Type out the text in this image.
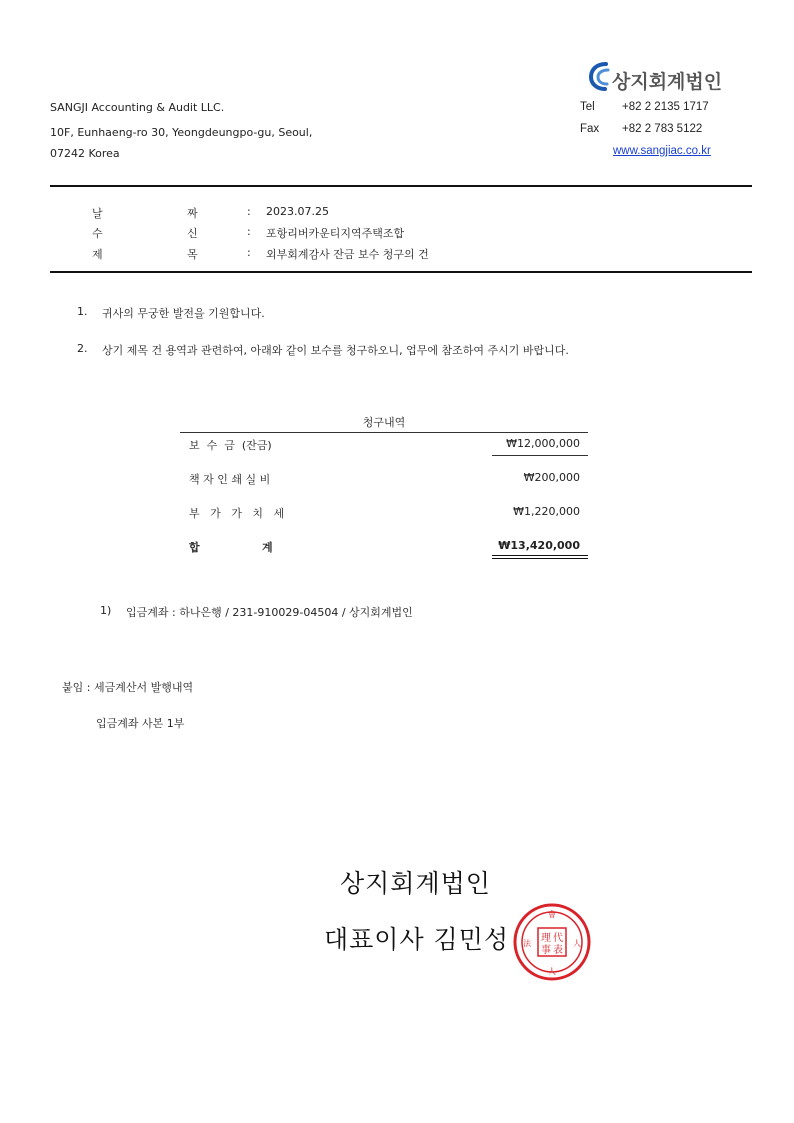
SANGJI Accounting & Audit LLC.
10F, Eunhaeng-ro 30, Yeongdeungpo-gu, Seoul,
07242 Korea
상지회계법인
Tel +82 2 2135 1717
Fax +82 2 783 5122
www.sangjiac.co.kr
날	짜	: 2023.07.25
수	신	: 포항리버카운티지역주택조합
제	목	: 외부회계감사 잔금 보수 청구의 건
1. 귀사의 무궁한 발전을 기원합니다.
2. 상기 제목 건 용역과 관련하여, 아래와 같이 보수를 청구하오니, 업무에 참조하여 주시기 바랍니다.
청구내역
보  수  금  (잔금)	₩12,000,000
책 자 인 쇄 실 비	₩200,000
부   가   가   치   세	₩1,220,000
합	계	₩13,420,000
1) 입금계좌 : 하나은행 / 231-910029-04504 / 상지회계법인
붙임 : 세금계산서 발행내역
입금계좌 사본 1부
상지회계법인
대표이사 김민성
會
理 代
事 表
法	人
人
